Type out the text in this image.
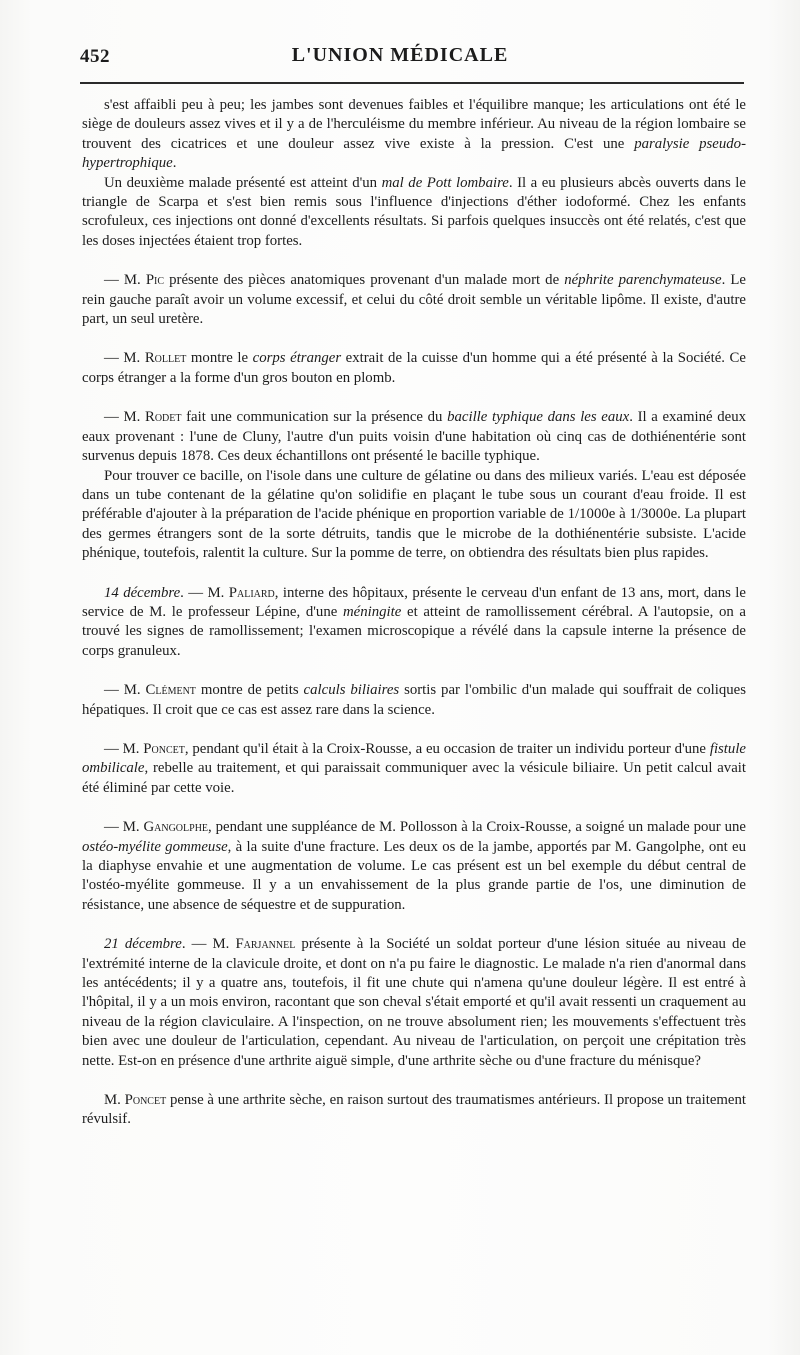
452	L'UNION MÉDICALE

s'est affaibli peu à peu; les jambes sont devenues faibles et l'équilibre manque; les articulations ont été le siège de douleurs assez vives et il y a de l'herculéisme du membre inférieur. Au niveau de la région lombaire se trouvent des cicatrices et une douleur assez vive existe à la pression. C'est une paralysie pseudo-hypertrophique.

Un deuxième malade présenté est atteint d'un mal de Pott lombaire. Il a eu plusieurs abcès ouverts dans le triangle de Scarpa et s'est bien remis sous l'influence d'injections d'éther iodoformé. Chez les enfants scrofuleux, ces injections ont donné d'excellents résultats. Si parfois quelques insuccès ont été relatés, c'est que les doses injectées étaient trop fortes.

— M. Pic présente des pièces anatomiques provenant d'un malade mort de néphrite parenchymateuse. Le rein gauche paraît avoir un volume excessif, et celui du côté droit semble un véritable lipôme. Il existe, d'autre part, un seul uretère.

— M. Rollet montre le corps étranger extrait de la cuisse d'un homme qui a été présenté à la Société. Ce corps étranger a la forme d'un gros bouton en plomb.

— M. Rodet fait une communication sur la présence du bacille typhique dans les eaux. Il a examiné deux eaux provenant : l'une de Cluny, l'autre d'un puits voisin d'une habitation où cinq cas de dothiénentérie sont survenus depuis 1878. Ces deux échantillons ont présenté le bacille typhique.

Pour trouver ce bacille, on l'isole dans une culture de gélatine ou dans des milieux variés. L'eau est déposée dans un tube contenant de la gélatine qu'on solidifie en plaçant le tube sous un courant d'eau froide. Il est préférable d'ajouter à la préparation de l'acide phénique en proportion variable de 1/1000e à 1/3000e. La plupart des germes étrangers sont de la sorte détruits, tandis que le microbe de la dothiénentérie subsiste. L'acide phénique, toutefois, ralentit la culture. Sur la pomme de terre, on obtiendra des résultats bien plus rapides.

14 décembre. — M. Paliard, interne des hôpitaux, présente le cerveau d'un enfant de 13 ans, mort, dans le service de M. le professeur Lépine, d'une méningite et atteint de ramollissement cérébral. A l'autopsie, on a trouvé les signes de ramollissement; l'examen microscopique a révélé dans la capsule interne la présence de corps granuleux.

— M. Clément montre de petits calculs biliaires sortis par l'ombilic d'un malade qui souffrait de coliques hépatiques. Il croit que ce cas est assez rare dans la science.

— M. Poncet, pendant qu'il était à la Croix-Rousse, a eu occasion de traiter un individu porteur d'une fistule ombilicale, rebelle au traitement, et qui paraissait communiquer avec la vésicule biliaire. Un petit calcul avait été éliminé par cette voie.

— M. Gangolphe, pendant une suppléance de M. Pollosson à la Croix-Rousse, a soigné un malade pour une ostéo-myélite gommeuse, à la suite d'une fracture. Les deux os de la jambe, apportés par M. Gangolphe, ont eu la diaphyse envahie et une augmentation de volume. Le cas présent est un bel exemple du début central de l'ostéo-myélite gommeuse. Il y a un envahissement de la plus grande partie de l'os, une diminution de résistance, une absence de séquestre et de suppuration.

21 décembre. — M. Farjannel présente à la Société un soldat porteur d'une lésion située au niveau de l'extrémité interne de la clavicule droite, et dont on n'a pu faire le diagnostic. Le malade n'a rien d'anormal dans les antécédents; il y a quatre ans, toutefois, il fit une chute qui n'amena qu'une douleur légère. Il est entré à l'hôpital, il y a un mois environ, racontant que son cheval s'était emporté et qu'il avait ressenti un craquement au niveau de la région claviculaire. A l'inspection, on ne trouve absolument rien; les mouvements s'effectuent très bien avec une douleur de l'articulation, cependant. Au niveau de l'articulation, on perçoit une crépitation très nette. Est-on en présence d'une arthrite aiguë simple, d'une arthrite sèche ou d'une fracture du ménisque?

M. Poncet pense à une arthrite sèche, en raison surtout des traumatismes antérieurs. Il propose un traitement révulsif.
